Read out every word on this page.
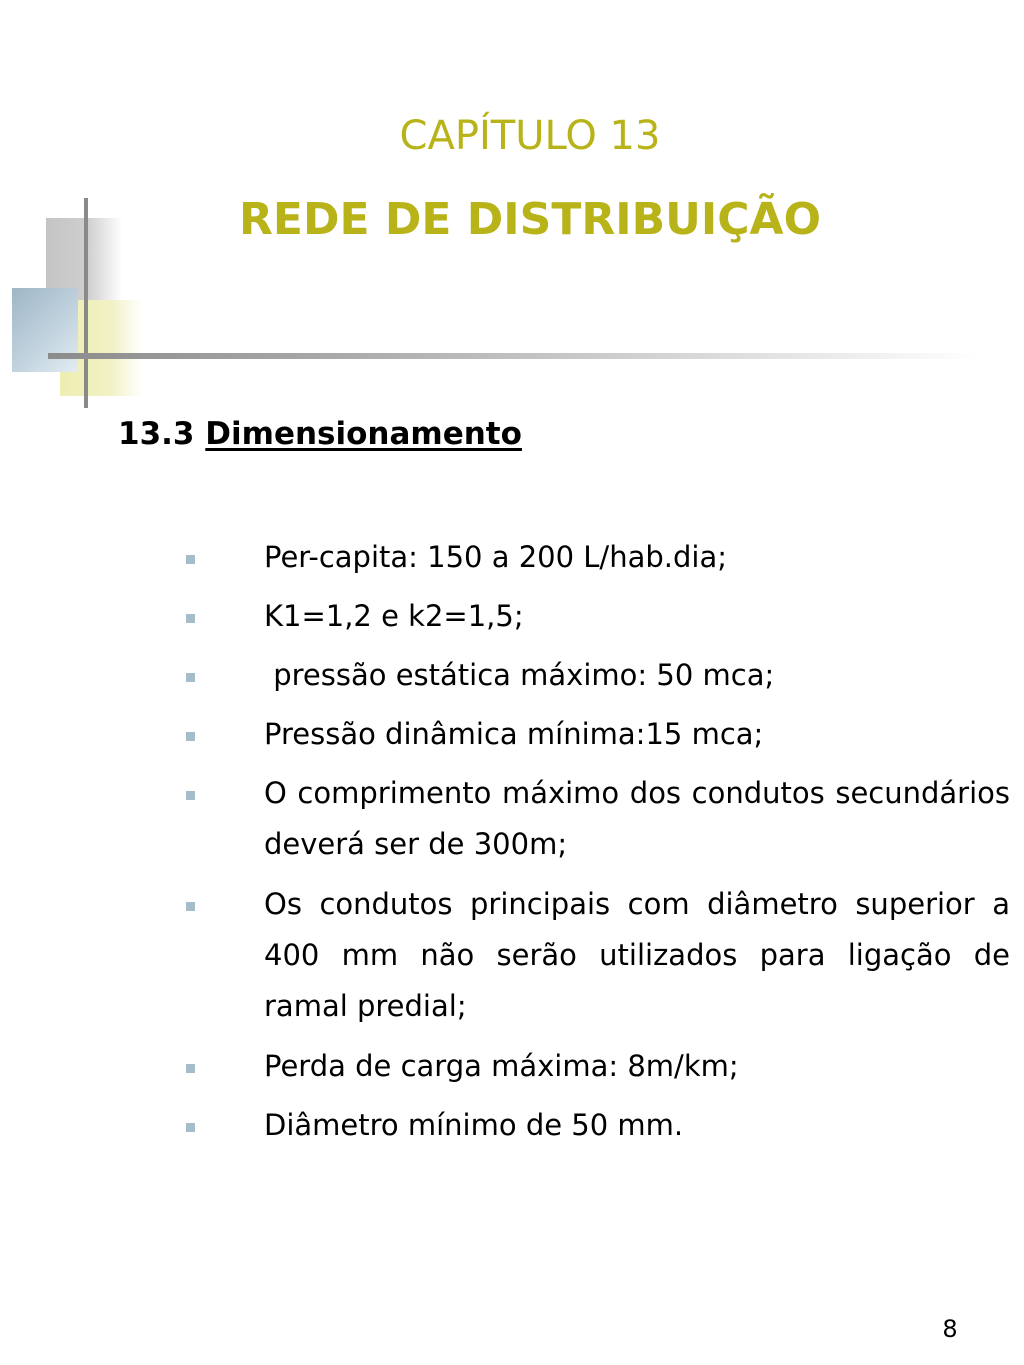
CAPÍTULO 13
REDE DE DISTRIBUIÇÃO
13.3 Dimensionamento
Per-capita: 150 a 200 L/hab.dia;
K1=1,2 e k2=1,5;
pressão estática máximo: 50 mca;
Pressão dinâmica mínima:15 mca;
O comprimento máximo dos condutos secundários deverá ser de 300m;
Os condutos principais com diâmetro superior a 400 mm não serão utilizados para ligação de ramal predial;
Perda de carga máxima: 8m/km;
Diâmetro mínimo de 50 mm.
8
